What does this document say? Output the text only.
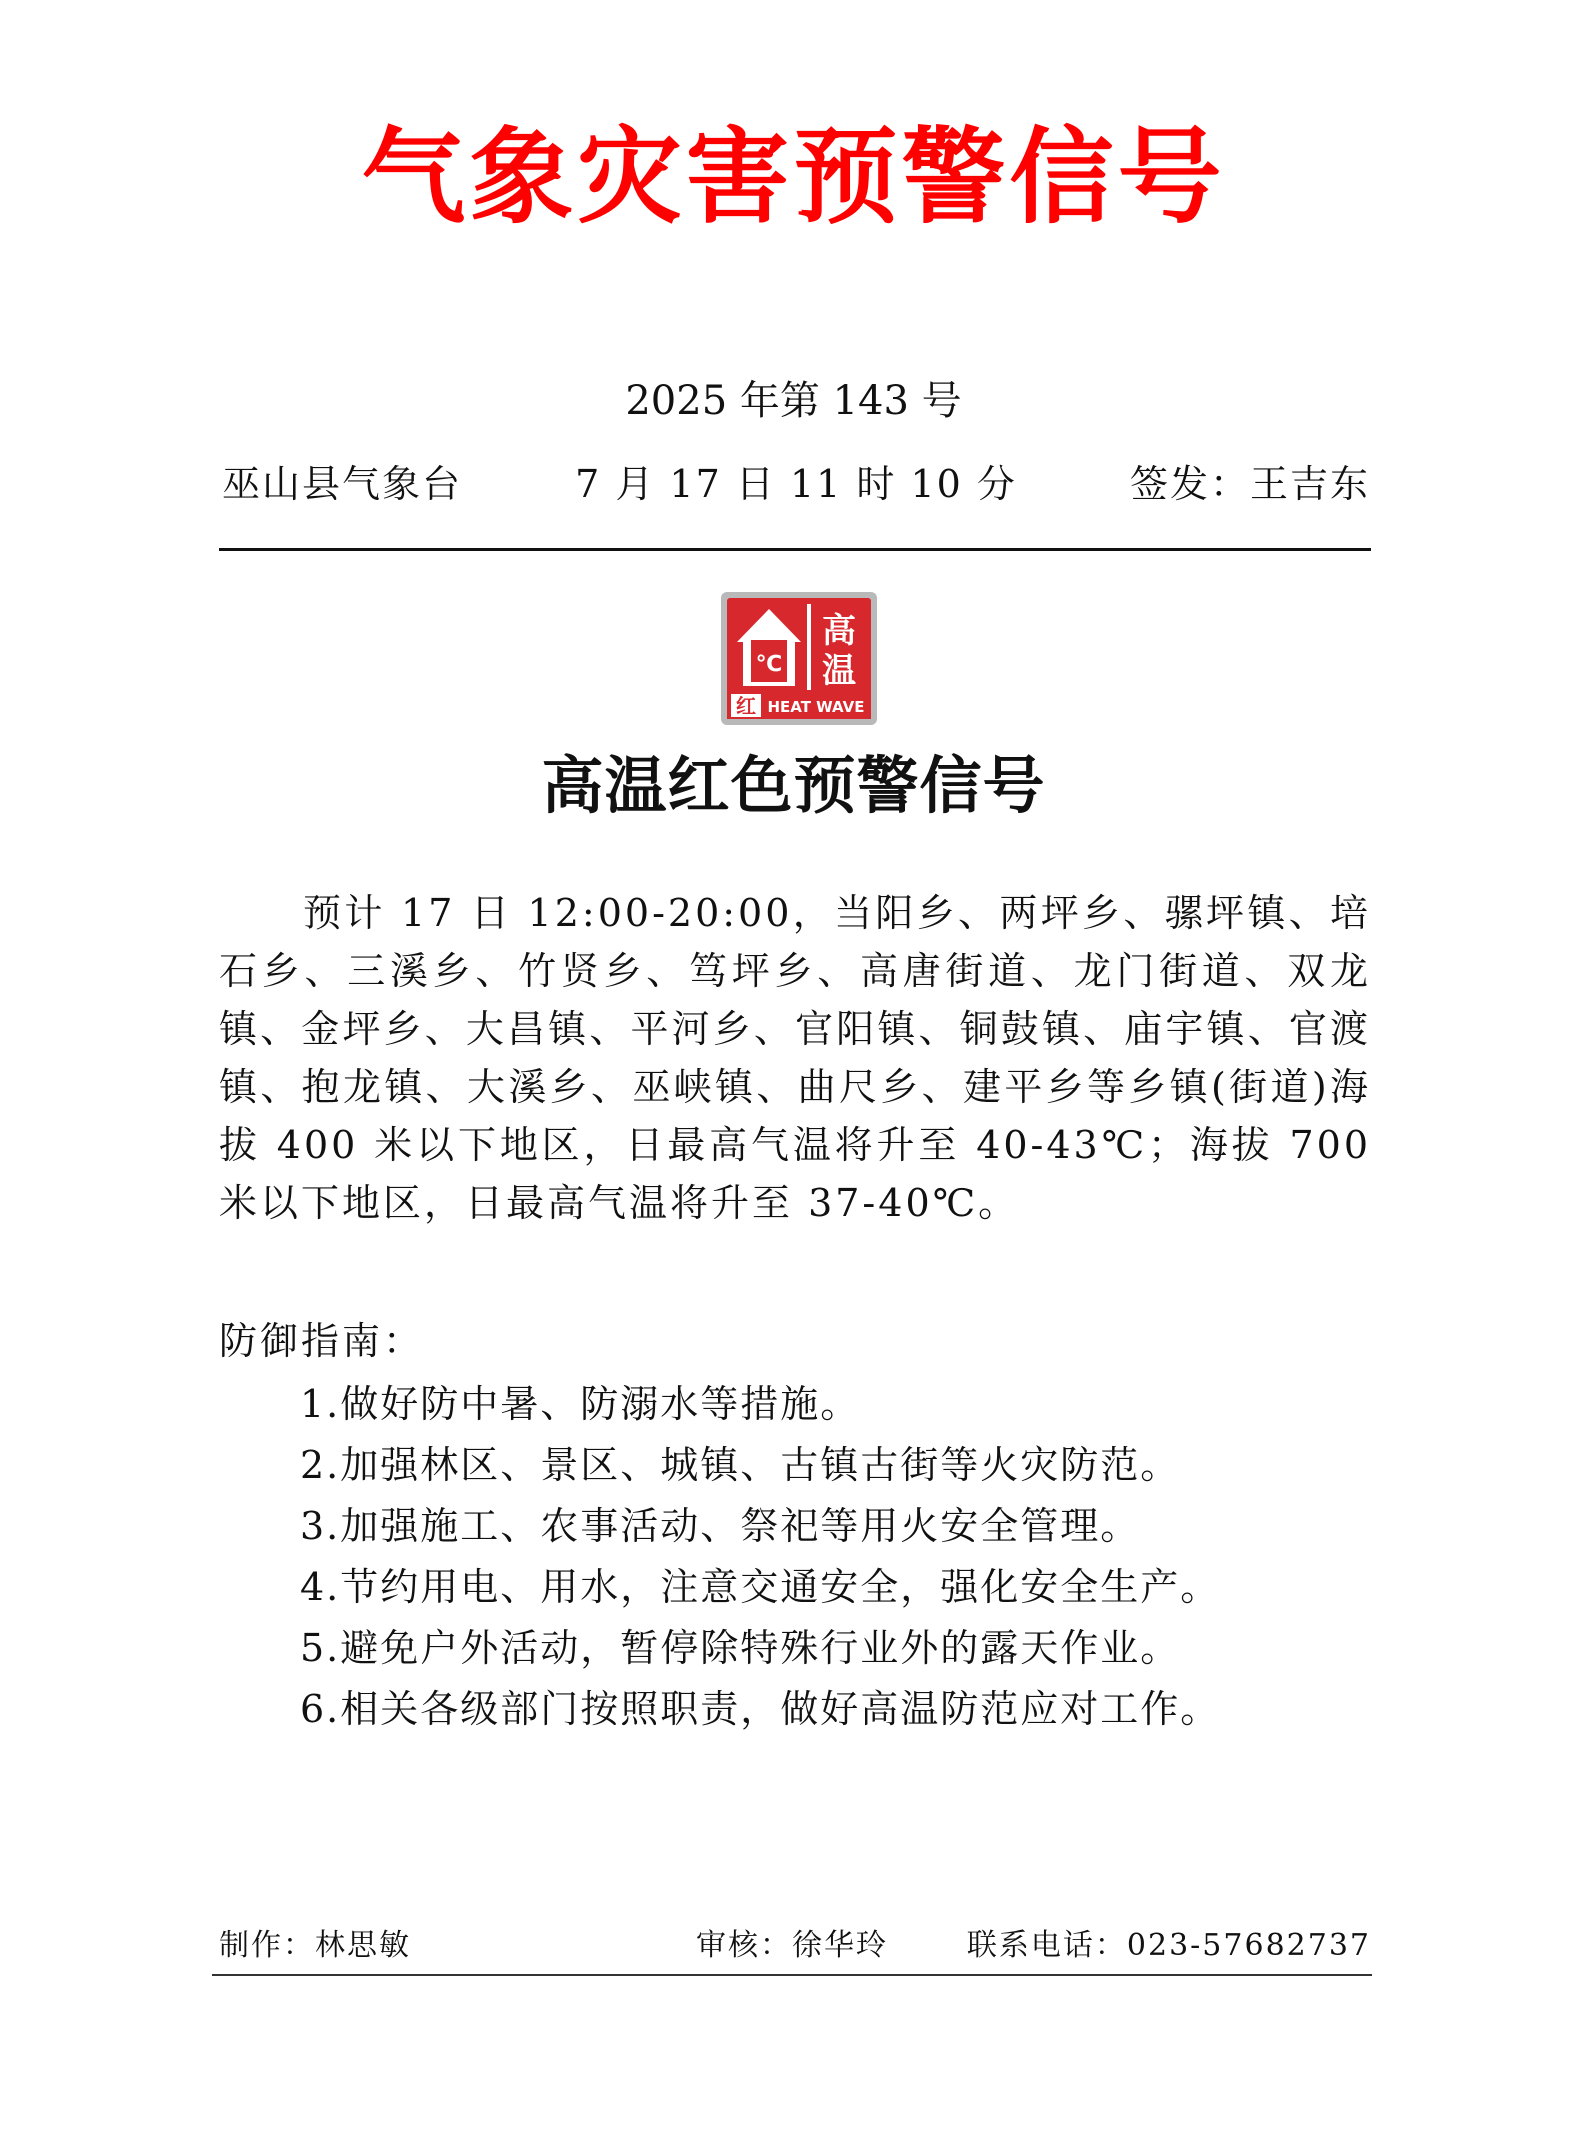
气象灾害预警信号
2025 年第 143 号
巫山县气象台	7 月 17 日 11 时 10 分	签发：王吉东
℃
高
温
红 HEAT WAVE
高温红色预警信号

预计 17 日 12:00-20:00，当阳乡、两坪乡、骡坪镇、培石乡、三溪乡、竹贤乡、笃坪乡、高唐街道、龙门街道、双龙镇、金坪乡、大昌镇、平河乡、官阳镇、铜鼓镇、庙宇镇、官渡镇、抱龙镇、大溪乡、巫峡镇、曲尺乡、建平乡等乡镇(街道)海拔 400 米以下地区，日最高气温将升至 40-43℃；海拔 700 米以下地区，日最高气温将升至 37-40℃。

防御指南：
1.做好防中暑、防溺水等措施。
2.加强林区、景区、城镇、古镇古街等火灾防范。
3.加强施工、农事活动、祭祀等用火安全管理。
4.节约用电、用水，注意交通安全，强化安全生产。
5.避免户外活动，暂停除特殊行业外的露天作业。
6.相关各级部门按照职责，做好高温防范应对工作。
制作：林思敏	审核：徐华玲	联系电话：023-57682737
